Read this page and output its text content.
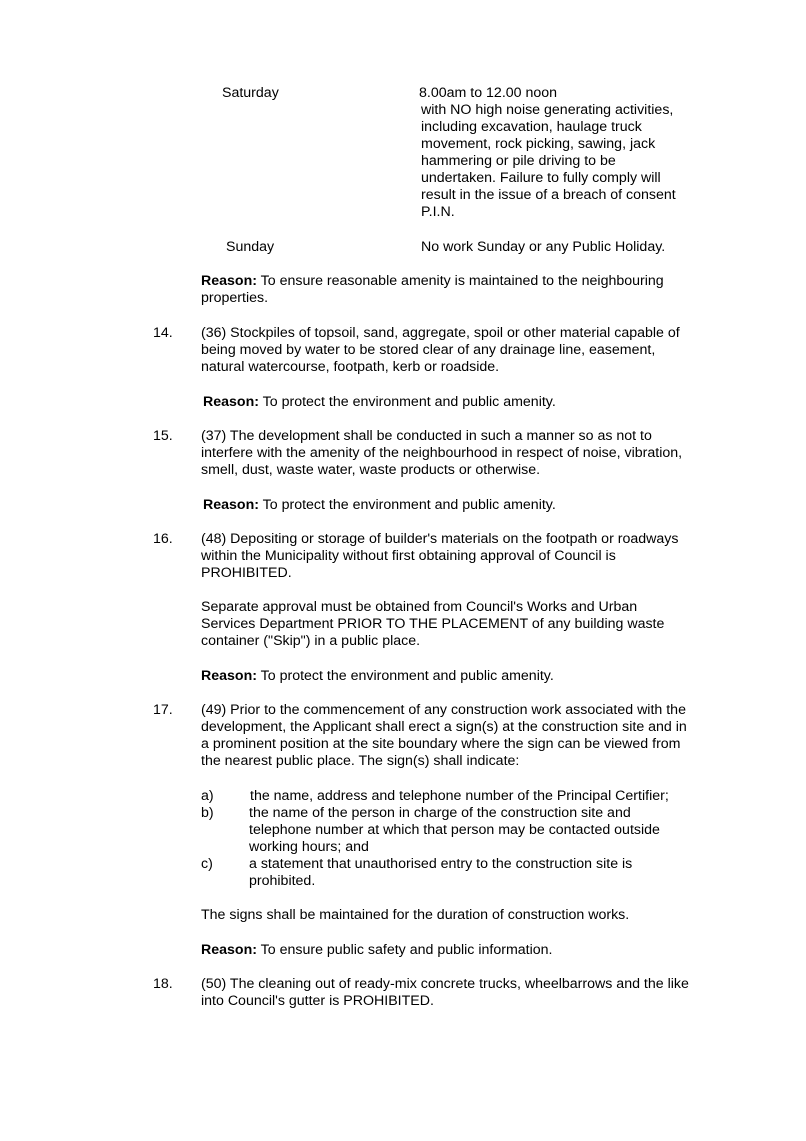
Saturday	8.00am to 12.00 noon
with NO high noise generating activities,
including excavation, haulage truck
movement, rock picking, sawing, jack
hammering or pile driving to be
undertaken. Failure to fully comply will
result in the issue of a breach of consent
P.I.N.
Sunday	No work Sunday or any Public Holiday.
Reason: To ensure reasonable amenity is maintained to the neighbouring
properties.
14. (36) Stockpiles of topsoil, sand, aggregate, spoil or other material capable of
being moved by water to be stored clear of any drainage line, easement,
natural watercourse, footpath, kerb or roadside.
Reason: To protect the environment and public amenity.
15. (37) The development shall be conducted in such a manner so as not to
interfere with the amenity of the neighbourhood in respect of noise, vibration,
smell, dust, waste water, waste products or otherwise.
Reason: To protect the environment and public amenity.
16. (48) Depositing or storage of builder's materials on the footpath or roadways
within the Municipality without first obtaining approval of Council is
PROHIBITED.
Separate approval must be obtained from Council's Works and Urban
Services Department PRIOR TO THE PLACEMENT of any building waste
container ("Skip") in a public place.
Reason: To protect the environment and public amenity.
17. (49) Prior to the commencement of any construction work associated with the
development, the Applicant shall erect a sign(s) at the construction site and in
a prominent position at the site boundary where the sign can be viewed from
the nearest public place. The sign(s) shall indicate:
a)	the name, address and telephone number of the Principal Certifier;
b) the name of the person in charge of the construction site and
telephone number at which that person may be contacted outside
working hours; and
c)	a statement that unauthorised entry to the construction site is
prohibited.
The signs shall be maintained for the duration of construction works.
Reason: To ensure public safety and public information.
18. (50) The cleaning out of ready-mix concrete trucks, wheelbarrows and the like
into Council's gutter is PROHIBITED.
